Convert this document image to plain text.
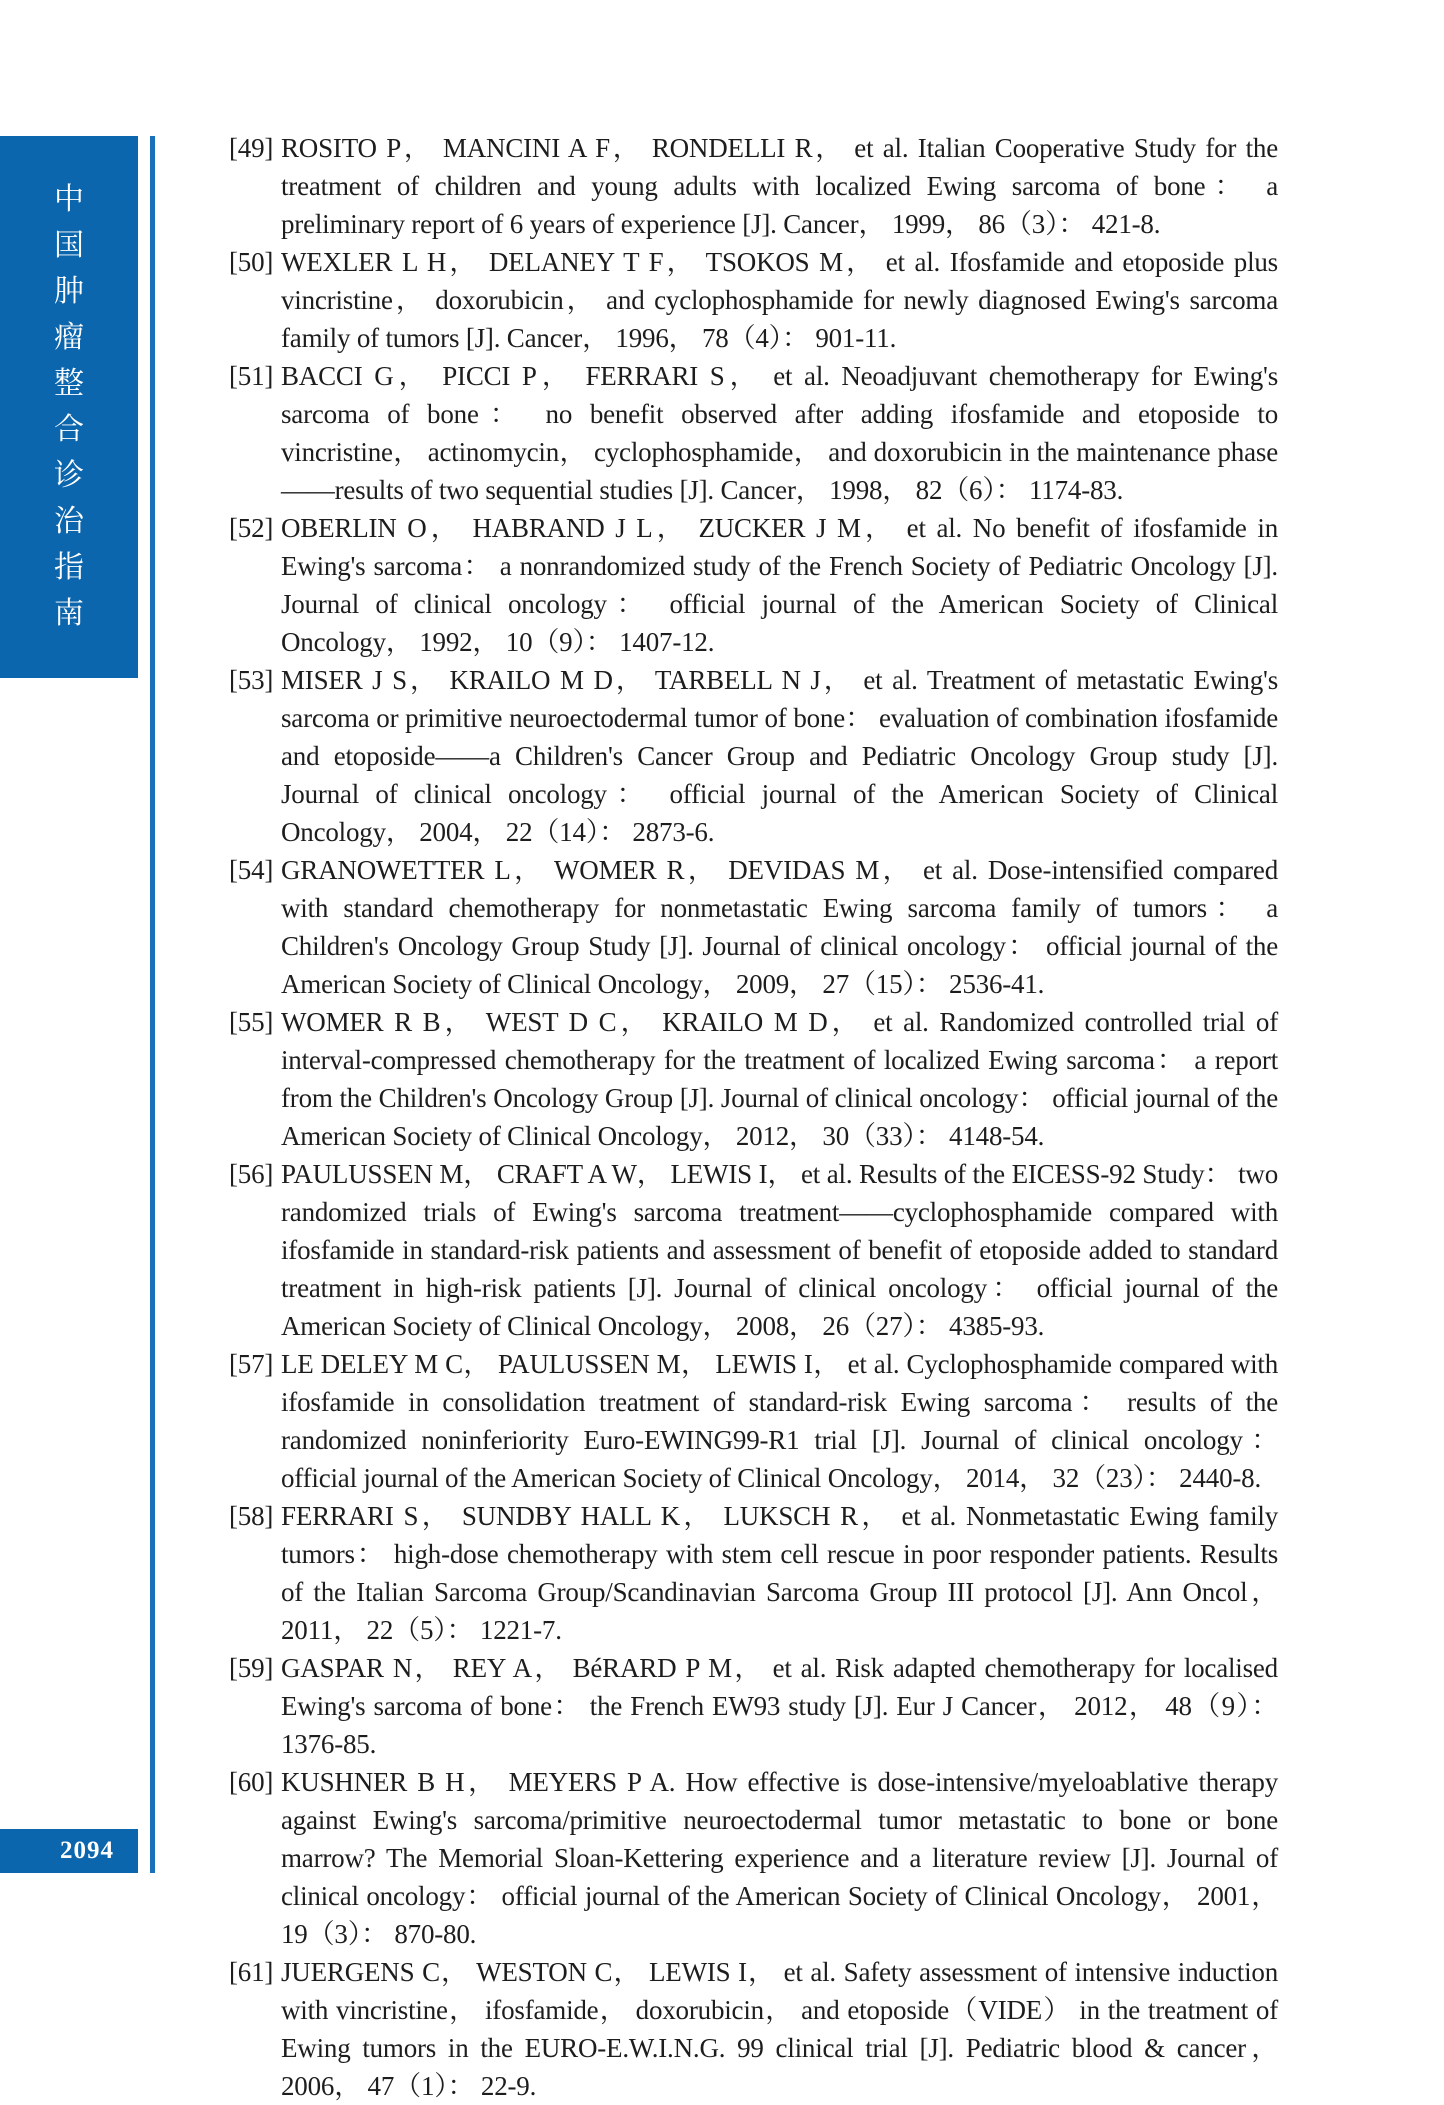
中
国
肿
瘤
整
合
诊
治
指
南
2094
[49] ROSITO P， MANCINI A F， RONDELLI R， et al. Italian Cooperative Study for the treatment of children and young adults with localized Ewing sarcoma of bone： a preliminary report of 6 years of experience [J]. Cancer， 1999， 86（3）： 421-8.
[50] WEXLER L H， DELANEY T F， TSOKOS M， et al. Ifosfamide and etoposide plus vincristine， doxorubicin， and cyclophosphamide for newly diagnosed Ewing's sarcoma family of tumors [J]. Cancer， 1996， 78（4）： 901-11.
[51] BACCI G， PICCI P， FERRARI S， et al. Neoadjuvant chemotherapy for Ewing's sarcoma of bone： no benefit observed after adding ifosfamide and etoposide to vincristine， actinomycin， cyclophosphamide， and doxorubicin in the maintenance phase——results of two sequential studies [J]. Cancer， 1998， 82（6）： 1174-83.
[52] OBERLIN O， HABRAND J L， ZUCKER J M， et al. No benefit of ifosfamide in Ewing's sarcoma： a nonrandomized study of the French Society of Pediatric Oncology [J]. Journal of clinical oncology： official journal of the American Society of Clinical Oncology， 1992， 10（9）： 1407-12.
[53] MISER J S， KRAILO M D， TARBELL N J， et al. Treatment of metastatic Ewing's sarcoma or primitive neuroectodermal tumor of bone： evaluation of combination ifosfamide and etoposide——a Children's Cancer Group and Pediatric Oncology Group study [J]. Journal of clinical oncology： official journal of the American Society of Clinical Oncology， 2004， 22（14）： 2873-6.
[54] GRANOWETTER L， WOMER R， DEVIDAS M， et al. Dose-intensified compared with standard chemotherapy for nonmetastatic Ewing sarcoma family of tumors： a Children's Oncology Group Study [J]. Journal of clinical oncology： official journal of the American Society of Clinical Oncology， 2009， 27（15）： 2536-41.
[55] WOMER R B， WEST D C， KRAILO M D， et al. Randomized controlled trial of interval-compressed chemotherapy for the treatment of localized Ewing sarcoma： a report from the Children's Oncology Group [J]. Journal of clinical oncology： official journal of the American Society of Clinical Oncology， 2012， 30（33）： 4148-54.
[56] PAULUSSEN M， CRAFT A W， LEWIS I， et al. Results of the EICESS-92 Study： two randomized trials of Ewing's sarcoma treatment——cyclophosphamide compared with ifosfamide in standard-risk patients and assessment of benefit of etoposide added to standard treatment in high-risk patients [J]. Journal of clinical oncology： official journal of the American Society of Clinical Oncology， 2008， 26（27）： 4385-93.
[57] LE DELEY M C， PAULUSSEN M， LEWIS I， et al. Cyclophosphamide compared with ifosfamide in consolidation treatment of standard-risk Ewing sarcoma： results of the randomized noninferiority Euro-EWING99-R1 trial [J]. Journal of clinical oncology： official journal of the American Society of Clinical Oncology， 2014， 32（23）： 2440-8.
[58] FERRARI S， SUNDBY HALL K， LUKSCH R， et al. Nonmetastatic Ewing family tumors： high-dose chemotherapy with stem cell rescue in poor responder patients. Results of the Italian Sarcoma Group/Scandinavian Sarcoma Group III protocol [J]. Ann Oncol， 2011， 22（5）： 1221-7.
[59] GASPAR N， REY A， BéRARD P M， et al. Risk adapted chemotherapy for localised Ewing's sarcoma of bone： the French EW93 study [J]. Eur J Cancer， 2012， 48（9）： 1376-85.
[60] KUSHNER B H， MEYERS P A. How effective is dose-intensive/myeloablative therapy against Ewing's sarcoma/primitive neuroectodermal tumor metastatic to bone or bone marrow? The Memorial Sloan-Kettering experience and a literature review [J]. Journal of clinical oncology： official journal of the American Society of Clinical Oncology， 2001， 19（3）： 870-80.
[61] JUERGENS C， WESTON C， LEWIS I， et al. Safety assessment of intensive induction with vincristine， ifosfamide， doxorubicin， and etoposide（VIDE） in the treatment of Ewing tumors in the EURO-E.W.I.N.G. 99 clinical trial [J]. Pediatric blood & cancer， 2006， 47（1）： 22-9.
